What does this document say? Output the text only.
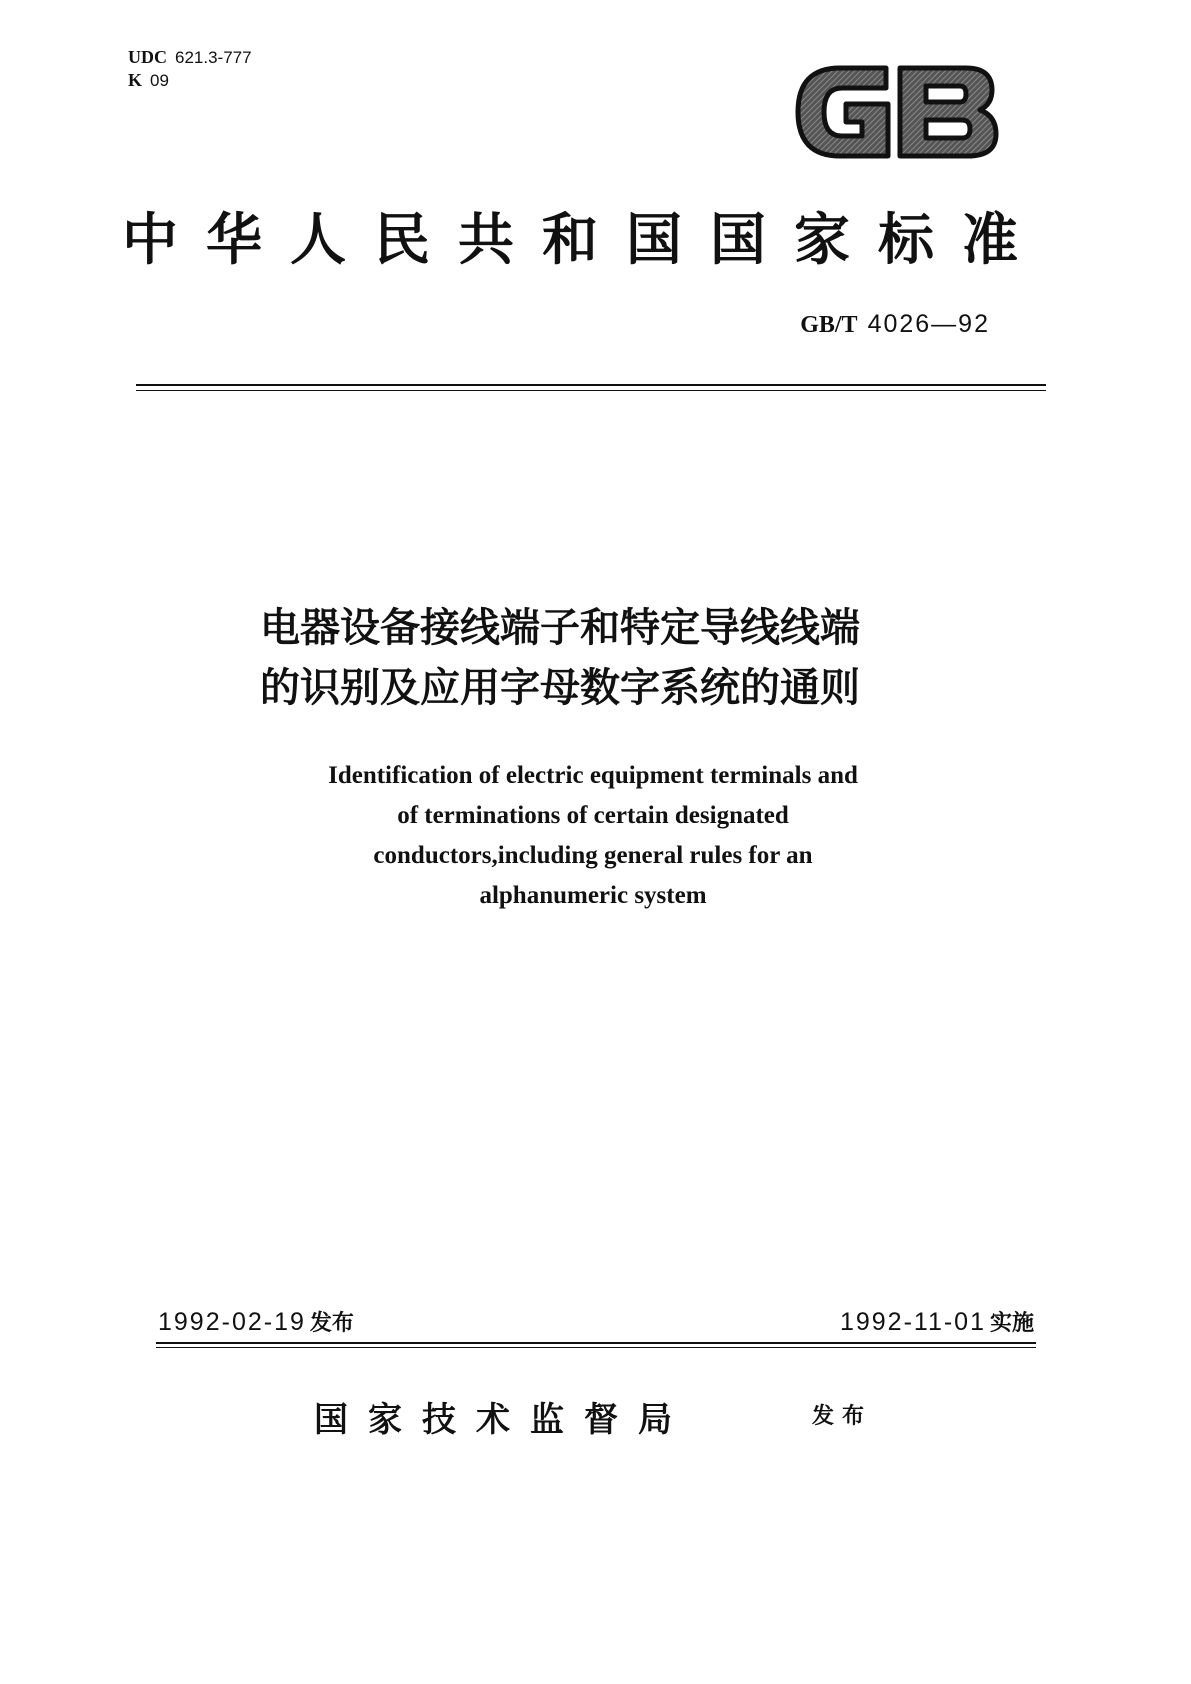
UDC 621.3-777
K 09
中华人民共和国国家标准
GB/T 4026—92
电器设备接线端子和特定导线线端
的识别及应用字母数字系统的通则
Identification of electric equipment terminals and
of terminations of certain designated
conductors,including general rules for an
alphanumeric system
1992-02-19 发布	1992-11-01 实施
国家技术监督局	发布
